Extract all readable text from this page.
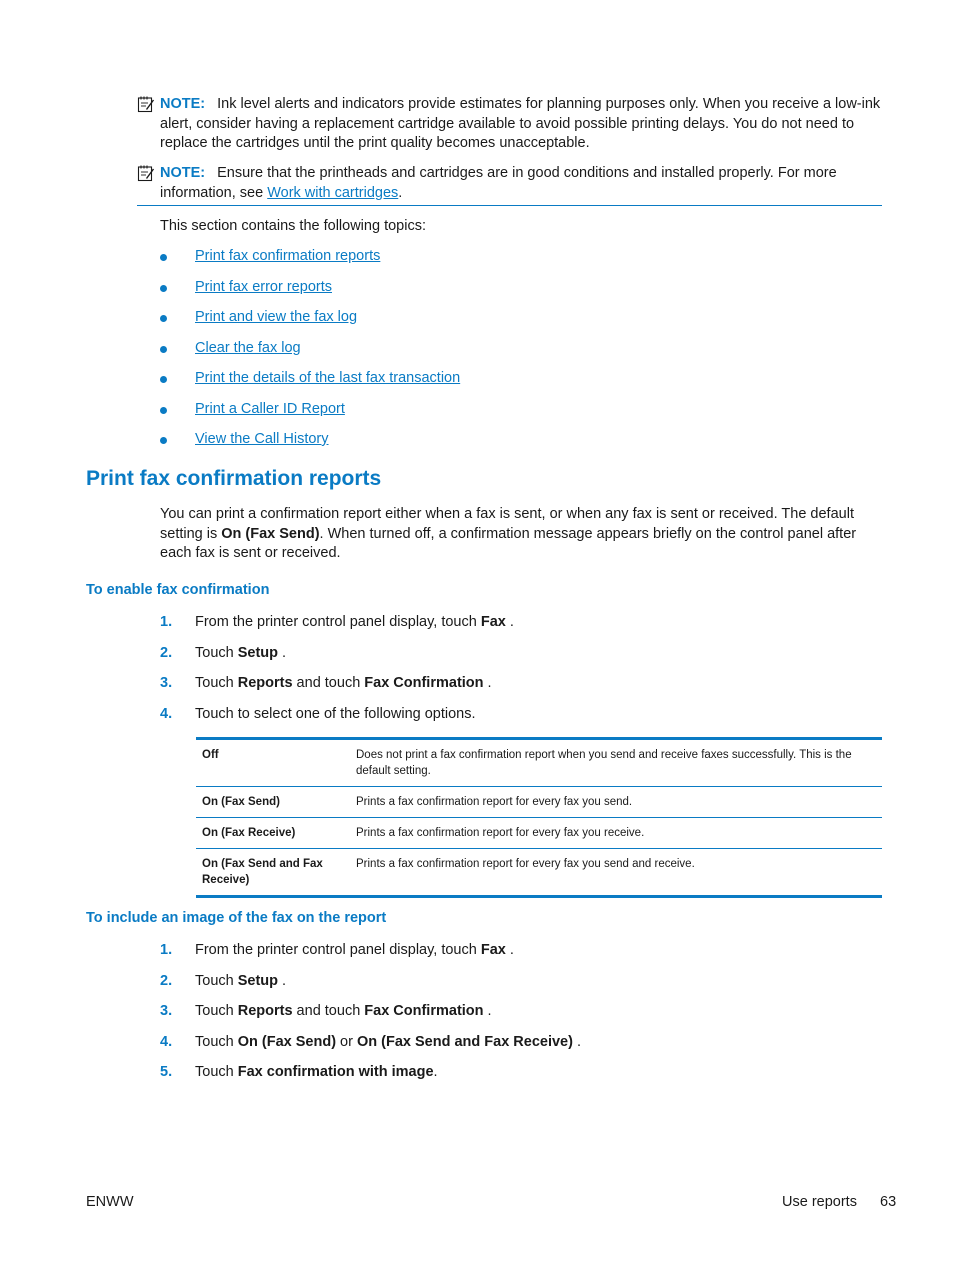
NOTE: Ink level alerts and indicators provide estimates for planning purposes only. When you receive a low-ink alert, consider having a replacement cartridge available to avoid possible printing delays. You do not need to replace the cartridges until the print quality becomes unacceptable.
NOTE: Ensure that the printheads and cartridges are in good conditions and installed properly. For more information, see Work with cartridges.
This section contains the following topics:
Print fax confirmation reports
Print fax error reports
Print and view the fax log
Clear the fax log
Print the details of the last fax transaction
Print a Caller ID Report
View the Call History
Print fax confirmation reports
You can print a confirmation report either when a fax is sent, or when any fax is sent or received. The default setting is On (Fax Send). When turned off, a confirmation message appears briefly on the control panel after each fax is sent or received.
To enable fax confirmation
1. From the printer control panel display, touch Fax .
2. Touch Setup .
3. Touch Reports and touch Fax Confirmation .
4. Touch to select one of the following options.
Off	Does not print a fax confirmation report when you send and receive faxes successfully. This is the default setting.
On (Fax Send)	Prints a fax confirmation report for every fax you send.
On (Fax Receive)	Prints a fax confirmation report for every fax you receive.
On (Fax Send and Fax Receive)	Prints a fax confirmation report for every fax you send and receive.
To include an image of the fax on the report
1. From the printer control panel display, touch Fax .
2. Touch Setup .
3. Touch Reports and touch Fax Confirmation .
4. Touch On (Fax Send) or On (Fax Send and Fax Receive) .
5. Touch Fax confirmation with image.
ENWW	Use reports 63
